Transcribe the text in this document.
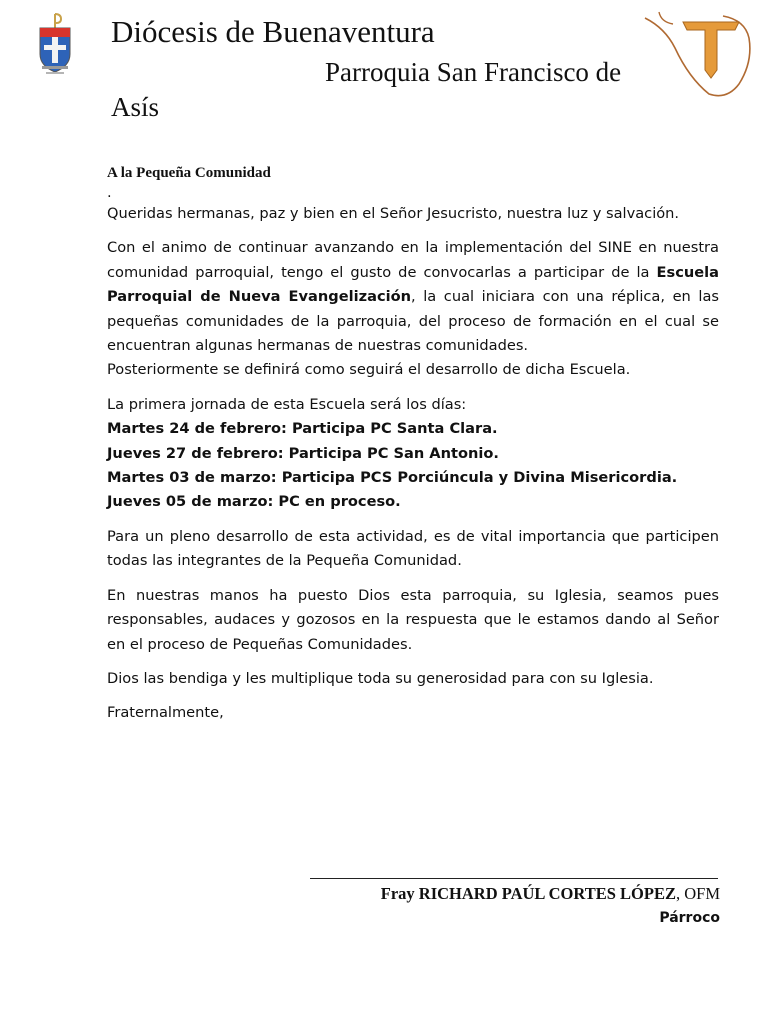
Diócesis de Buenaventura
Parroquia San Francisco de
Asís

A la Pequeña Comunidad

.

Queridas hermanas, paz y bien en el Señor Jesucristo, nuestra luz y salvación.

Con el animo de continuar avanzando en la implementación del SINE en nuestra comunidad parroquial, tengo el gusto de convocarlas a participar de la Escuela Parroquial de Nueva Evangelización, la cual iniciara con una réplica, en las pequeñas comunidades de la parroquia, del proceso de formación en el cual se encuentran algunas hermanas de nuestras comunidades.
Posteriormente se definirá como seguirá el desarrollo de dicha Escuela.

La primera jornada de esta Escuela será los días:

Martes 24 de febrero: Participa PC Santa Clara.

Jueves 27 de febrero: Participa PC San Antonio.

Martes 03 de marzo: Participa PCS Porciúncula y Divina Misericordia.

Jueves 05 de marzo: PC en proceso.

Para un pleno desarrollo de esta actividad, es de vital importancia que participen todas las integrantes de la Pequeña Comunidad.

En nuestras manos ha puesto Dios esta parroquia, su Iglesia, seamos pues responsables, audaces y gozosos en la respuesta que le estamos dando al Señor en el proceso de Pequeñas Comunidades.

Dios las bendiga y les multiplique toda su generosidad para con su Iglesia.

Fraternalmente,

Fray RICHARD PAÚL CORTES LÓPEZ, OFM
Párroco
